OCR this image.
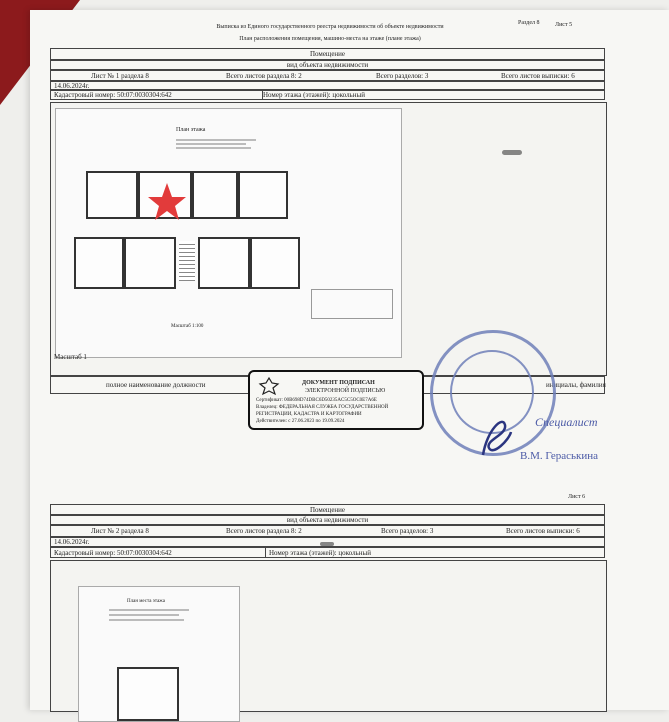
Выписка из Единого государственного реестра недвижимости об объекте недвижимости
План расположения помещения, машино-места на этаже (плане этажа)
Раздел 8	Лист 5
Помещение
вид объекта недвижимости
Лист № 1 раздела 8	Всего листов раздела 8: 2	Всего разделов: 3	Всего листов выписки: 6
14.06.2024г.
Кадастровый номер: 50:07:0030304:642	Номер этажа (этажей): цокольный
План этажа
Масштаб 1:100
Масштаб 1
полное наименование должности	инициалы, фамилия
ДОКУМЕНТ ПОДПИСАН
ЭЛЕКТРОННОЙ ПОДПИСЬЮ
Сертификат: 00B698D74DBC6D50235AC5C5OC0E7A6E
Владелец: ФЕДЕРАЛЬНАЯ СЛУЖБА ГОСУДАРСТВЕННОЙ
РЕГИСТРАЦИИ, КАДАСТРА И КАРТОГРАФИИ
Действителен: с 27.06.2023 по 19.09.2024	Специалист
В.М. Гераськина
Лист 6
Помещение
вид объекта недвижимости
Лист № 2 раздела 8	Всего листов раздела 8: 2	Всего разделов: 3	Всего листов выписки: 6
14.06.2024г.
Кадастровый номер: 50:07:0030304:642	Номер этажа (этажей): цокольный
План места этажа
